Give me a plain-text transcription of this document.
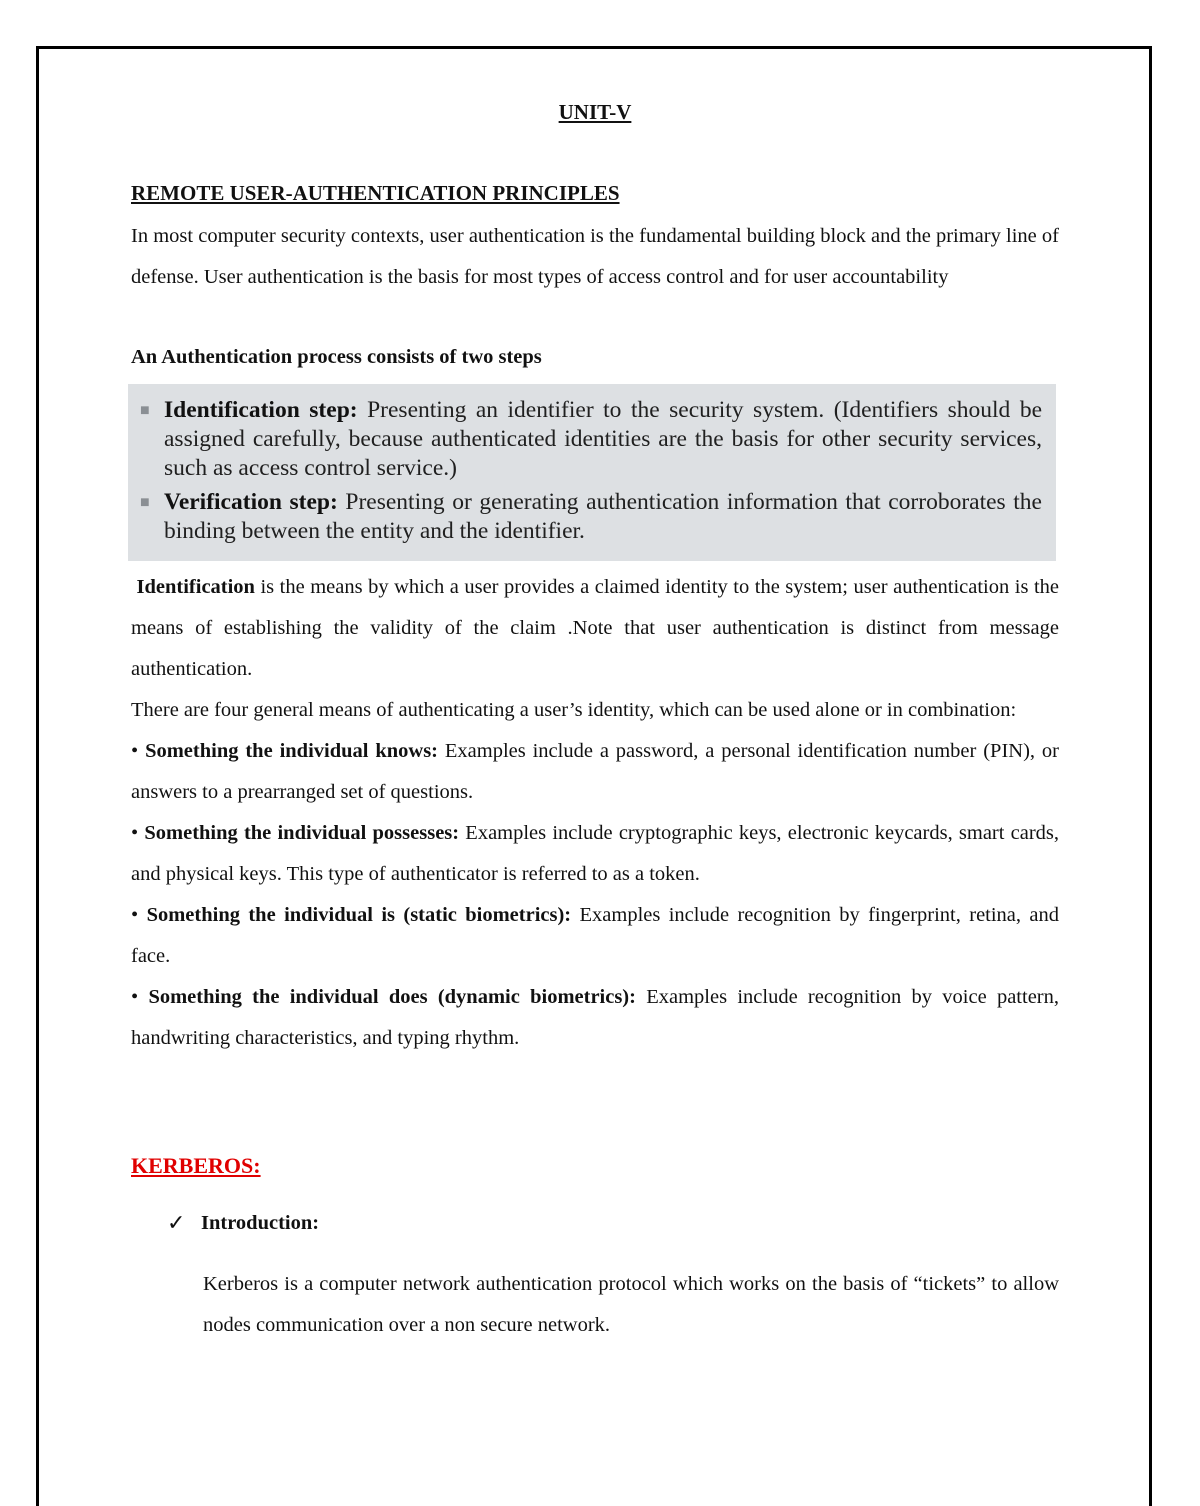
UNIT-V
REMOTE USER-AUTHENTICATION PRINCIPLES

In most computer security contexts, user authentication is the fundamental building block and the primary line of defense. User authentication is the basis for most types of access control and for user accountability

An Authentication process consists of two steps

■ Identification step: Presenting an identifier to the security system. (Identifiers should be assigned carefully, because authenticated identities are the basis for other security services, such as access control service.)
■ Verification step: Presenting or generating authentication information that corroborates the binding between the entity and the identifier.

Identification is the means by which a user provides a claimed identity to the system; user authentication is the means of establishing the validity of the claim .Note that user authentication is distinct from message authentication.

There are four general means of authenticating a user’s identity, which can be used alone or in combination:

• Something the individual knows: Examples include a password, a personal identification number (PIN), or answers to a prearranged set of questions.

• Something the individual possesses: Examples include cryptographic keys, electronic keycards, smart cards, and physical keys. This type of authenticator is referred to as a token.

• Something the individual is (static biometrics): Examples include recognition by fingerprint, retina, and face.

• Something the individual does (dynamic biometrics): Examples include recognition by voice pattern, handwriting characteristics, and typing rhythm.

KERBEROS:
✓ Introduction:

Kerberos is a computer network authentication protocol which works on the basis of “tickets” to allow nodes communication over a non secure network.
